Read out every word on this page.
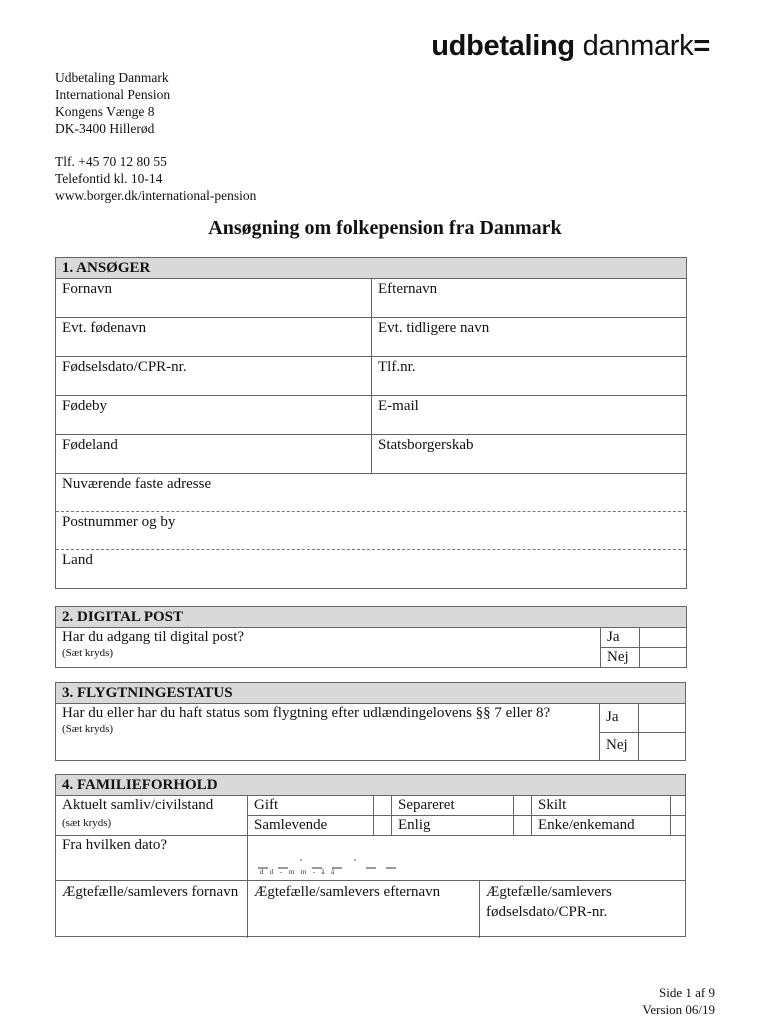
udbetaling danmark=
Udbetaling Danmark
International Pension
Kongens Vænge 8
DK-3400 Hillerød
Tlf. +45 70 12 80 55
Telefontid kl. 10-14
www.borger.dk/international-pension
Ansøgning om folkepension fra Danmark
1. ANSØGER
Fornavn	Efternavn
Evt. fødenavn	Evt. tidligere navn
Fødselsdato/CPR-nr.	Tlf.nr.
Fødeby	E-mail
Fødeland	Statsborgerskab
Nuværende faste adresse
Postnummer og by
Land
2. DIGITAL POST
Har du adgang til digital post?
(Sæt kryds)
Ja
Nej
3. FLYGTNINGESTATUS
Har du eller har du haft status som flygtning efter udlændingelovens §§ 7 eller 8?
(Sæt kryds)
Ja
Nej
4. FAMILIEFORHOLD
Aktuelt samliv/civilstand
(sæt kryds)
Gift	Separeret	Skilt
Samlevende	Enlig	Enke/enkemand
Fra hvilken dato?
d  d  -  m  m  -  å  å
Ægtefælle/samlevers fornavn	Ægtefælle/samlevers efternavn	Ægtefælle/samlevers fødselsdato/CPR-nr.
Side 1 af 9
Version 06/19
